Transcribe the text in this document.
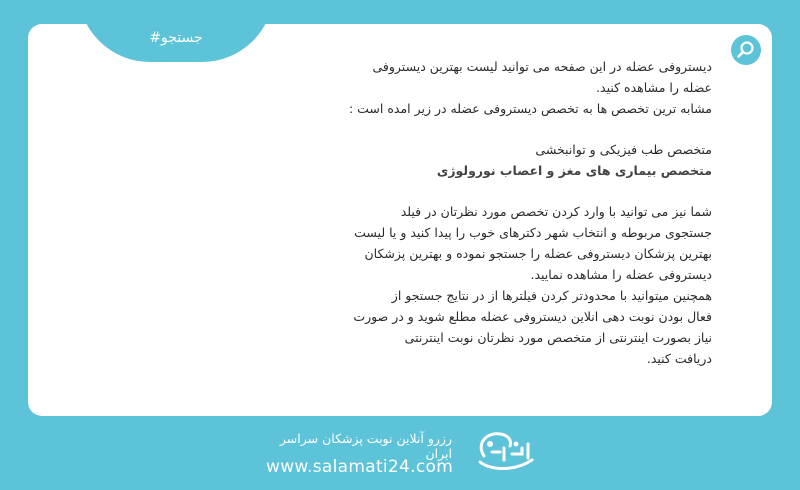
#جستجو

دیستروفی عضله در این صفحه می توانید لیست بهترین دیستروفی

عضله را مشاهده کنید.

مشابه ترین تخصص ها به تخصص دیستروفی عضله در زیر امده است :

متخصص طب فیزیکی و توانبخشی

متخصص بیماری های مغز و اعصاب نورولوژی

شما نیز می توانید با وارد کردن تخصص مورد نظرتان در فیلد

جستجوی مربوطه و انتخاب شهر دکترهای خوب را پیدا کنید و یا لیست

بهترین پزشکان دیستروفی عضله را جستجو نموده و بهترین پزشکان

دیستروفی عضله را مشاهده نمایید.

همچنین میتوانید با محدودتر کردن فیلترها از در نتایج جستجو از

فعال بودن نوبت دهی انلاین دیستروفی عضله مطلع شوید و در صورت

نیاز بصورت اینترنتی از متخصص مورد نظرتان نوبت اینترنتی

دریافت کنید.

رزرو آنلاین نوبت پزشکان سراسر ایران
www.salamati24.com
